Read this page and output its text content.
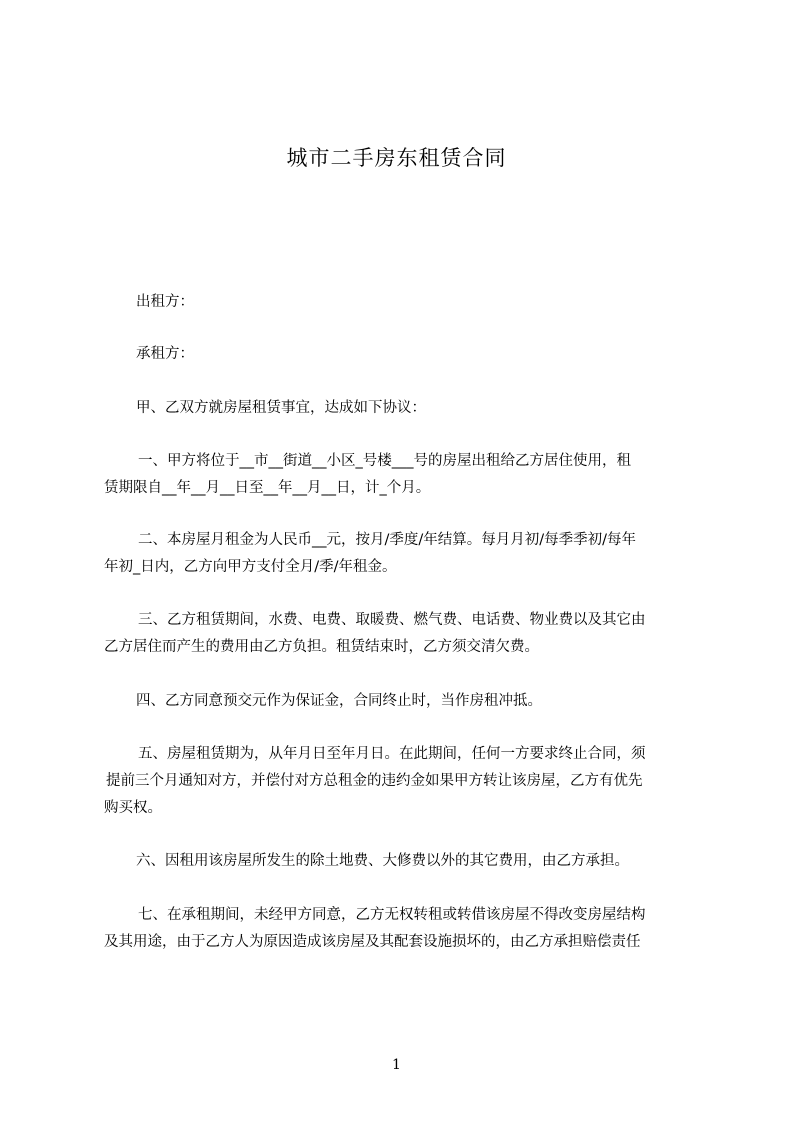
城市二手房东租赁合同

出租方：

承租方：

甲、乙双方就房屋租赁事宜，达成如下协议：

一、甲方将位于__市__街道__小区_号楼___号的房屋出租给乙方居住使用，租
赁期限自__年__月__日至__年__月__日，计_个月。

二、本房屋月租金为人民币__元，按月/季度/年结算。每月月初/每季季初/每年
年初_日内，乙方向甲方支付全月/季/年租金。

三、乙方租赁期间，水费、电费、取暖费、燃气费、电话费、物业费以及其它由
乙方居住而产生的费用由乙方负担。租赁结束时，乙方须交清欠费。

四、乙方同意预交元作为保证金，合同终止时，当作房租冲抵。

五、房屋租赁期为，从年月日至年月日。在此期间，任何一方要求终止合同，须
提前三个月通知对方，并偿付对方总租金的违约金如果甲方转让该房屋，乙方有优先
购买权。

六、因租用该房屋所发生的除土地费、大修费以外的其它费用，由乙方承担。

七、在承租期间，未经甲方同意，乙方无权转租或转借该房屋不得改变房屋结构
及其用途，由于乙方人为原因造成该房屋及其配套设施损坏的，由乙方承担赔偿责任

1
